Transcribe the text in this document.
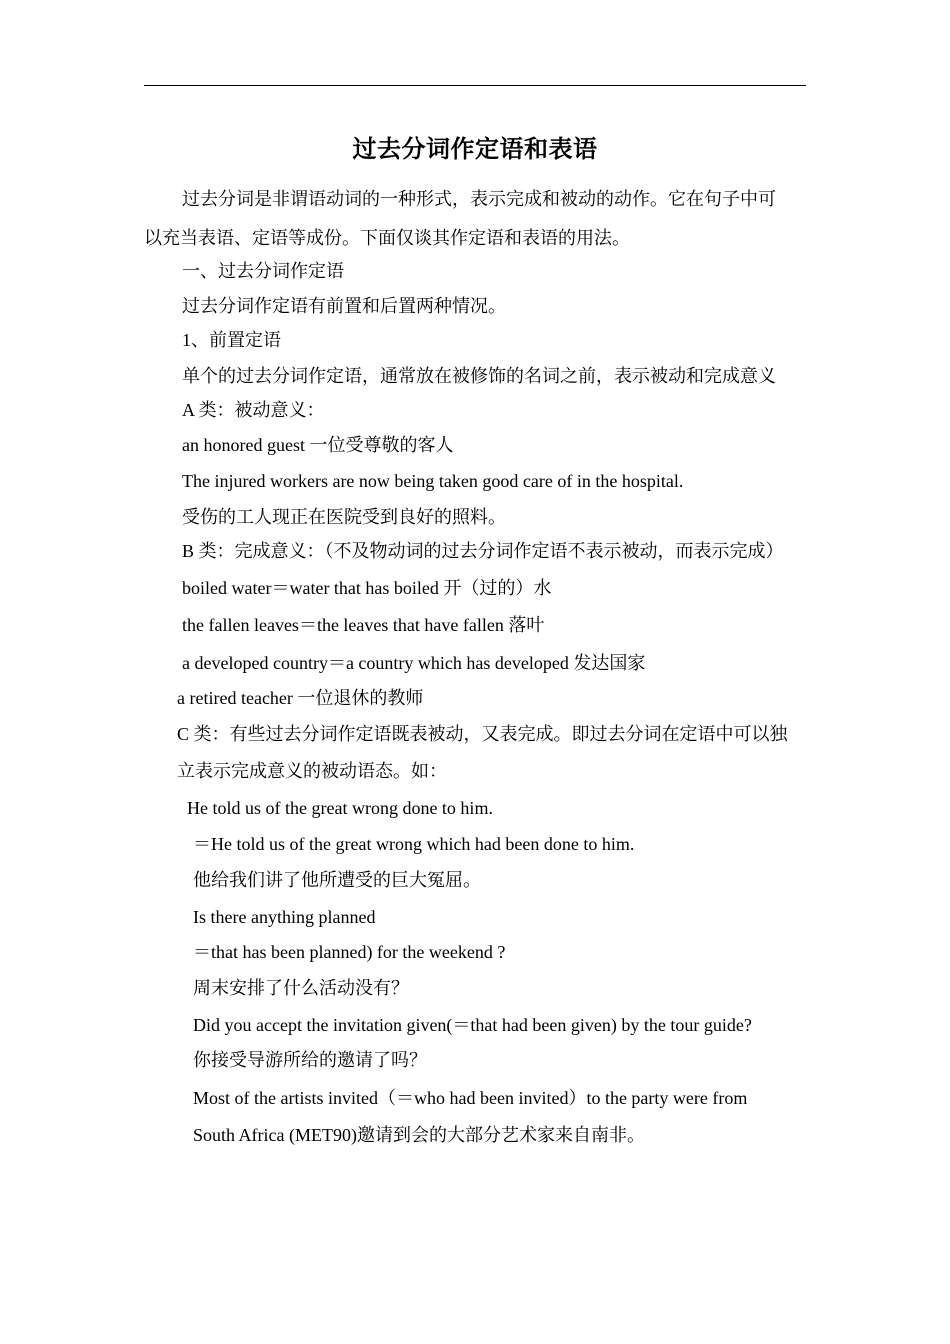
过去分词作定语和表语
过去分词是非谓语动词的一种形式，表示完成和被动的动作。它在句子中可
以充当表语、定语等成份。下面仅谈其作定语和表语的用法。
一、过去分词作定语
过去分词作定语有前置和后置两种情况。
1、前置定语
单个的过去分词作定语，通常放在被修饰的名词之前，表示被动和完成意义
A 类：被动意义：
an honored guest 一位受尊敬的客人
The injured workers are now being taken good care of in the hospital.
受伤的工人现正在医院受到良好的照料。
B 类：完成意义：（不及物动词的过去分词作定语不表示被动，而表示完成）
boiled water＝water that has boiled 开（过的）水
the fallen leaves＝the leaves that have fallen 落叶
a developed country＝a country which has developed 发达国家
a retired teacher 一位退休的教师
C 类：有些过去分词作定语既表被动，又表完成。即过去分词在定语中可以独
立表示完成意义的被动语态。如：
He told us of the great wrong done to him.
＝He told us of the great wrong which had been done to him.
他给我们讲了他所遭受的巨大冤屈。
Is there anything planned
＝that has been planned) for the weekend ?
周末安排了什么活动没有？
Did you accept the invitation given(＝that had been given) by the tour guide?
你接受导游所给的邀请了吗？
Most of the artists invited（＝who had been invited）to the party were from
South Africa (MET90)邀请到会的大部分艺术家来自南非。
